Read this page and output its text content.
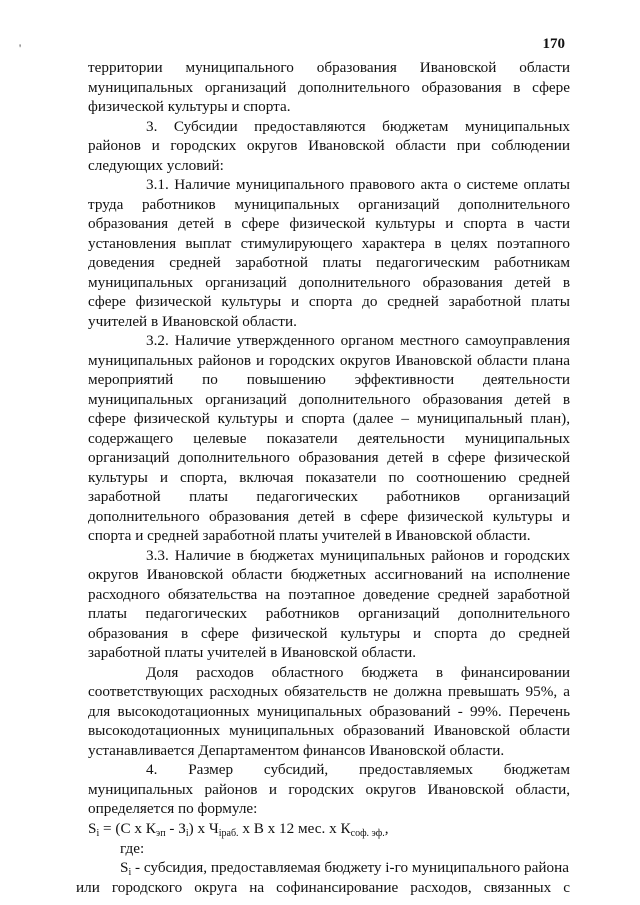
'	170

территории муниципального образования Ивановской области муниципальных организаций дополнительного образования в сфере физической культуры и спорта.

3. Субсидии предоставляются бюджетам муниципальных районов и городских округов Ивановской области при соблюдении следующих условий:

3.1. Наличие муниципального правового акта о системе оплаты труда работников муниципальных организаций дополнительного образования детей в сфере физической культуры и спорта в части установления выплат стимулирующего характера в целях поэтапного доведения средней заработной платы педагогическим работникам муниципальных организаций дополнительного образования детей в сфере физической культуры и спорта до средней заработной платы учителей в Ивановской области.

3.2. Наличие утвержденного органом местного самоуправления муниципальных районов и городских округов Ивановской области плана мероприятий по повышению эффективности деятельности муниципальных организаций дополнительного образования детей в сфере физической культуры и спорта (далее – муниципальный план), содержащего целевые показатели деятельности муниципальных организаций дополнительного образования детей в сфере физической культуры и спорта, включая показатели по соотношению средней заработной платы педагогических работников организаций дополнительного образования детей в сфере физической культуры и спорта и средней заработной платы учителей в Ивановской области.

3.3. Наличие в бюджетах муниципальных районов и городских округов Ивановской области бюджетных ассигнований на исполнение расходного обязательства на поэтапное доведение средней заработной платы педагогических работников организаций дополнительного образования в сфере физической культуры и спорта до средней заработной платы учителей в Ивановской области.

Доля расходов областного бюджета в финансировании соответствующих расходных обязательств не должна превышать 95%, а для высокодотационных муниципальных образований - 99%. Перечень высокодотационных муниципальных образований Ивановской области устанавливается Департаментом финансов Ивановской области.

4. Размер субсидий, предоставляемых бюджетам муниципальных районов и городских округов Ивановской области, определяется по формуле:

$S_i = (С$ х $К_{эп} - З_i$) х $Ч_{iраб.}$ х В х 12 мес. х $К_{соф. эф.}$,

где:

$S_i$ - субсидия, предоставляемая бюджету i-го муниципального района

или городского округа на софинансирование расходов, связанных с
